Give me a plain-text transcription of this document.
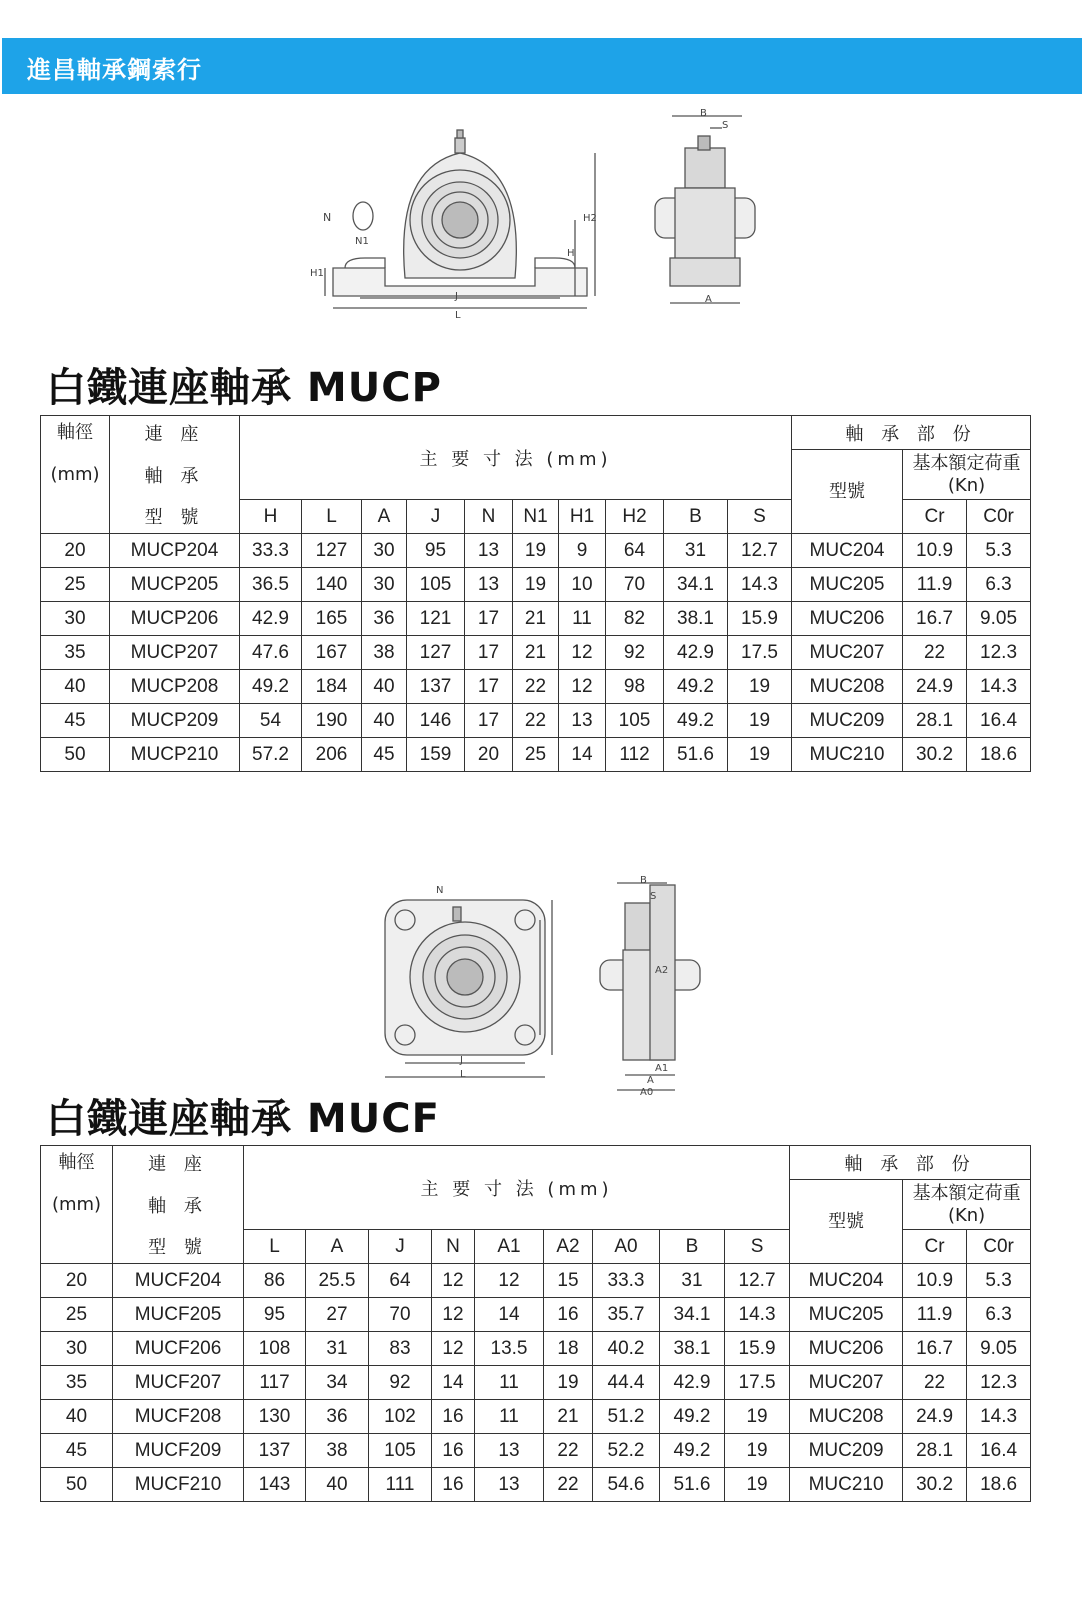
進昌軸承鋼索行
N
N1
H1
H2
H
J
L
B
S
A
白鐵連座軸承 MUCP
軸徑	連 座	主 要 寸 法 (mm)										軸 承 部 份		
(mm)	軸 承											型號	基本額定荷重
(Kn)	

	型 號	H	L	A	J	N	N1	H1	H2	B	S		Cr	C0r
20	MUCP204	33.3	127	30	95	13	19	9	64	31	12.7	MUC204	10.9	5.3
25	MUCP205	36.5	140	30	105	13	19	10	70	34.1	14.3	MUC205	11.9	6.3
30	MUCP206	42.9	165	36	121	17	21	11	82	38.1	15.9	MUC206	16.7	9.05
35	MUCP207	47.6	167	38	127	17	21	12	92	42.9	17.5	MUC207	22	12.3
40	MUCP208	49.2	184	40	137	17	22	12	98	49.2	19	MUC208	24.9	14.3
45	MUCP209	54	190	40	146	17	22	13	105	49.2	19	MUC209	28.1	16.4
50	MUCP210	57.2	206	45	159	20	25	14	112	51.6	19	MUC210	30.2	18.6
N
J
L
B
S
A2
A1
A
A0
白鐵連座軸承 MUCF
軸徑	連 座	主 要 寸 法 (mm)									軸 承 部 份		
(mm)	軸 承										型號	基本額定荷重
(Kn)	

	型 號	L	A	J	N	A1	A2	A0	B	S		Cr	C0r
20	MUCF204	86	25.5	64	12	12	15	33.3	31	12.7	MUC204	10.9	5.3
25	MUCF205	95	27	70	12	14	16	35.7	34.1	14.3	MUC205	11.9	6.3
30	MUCF206	108	31	83	12	13.5	18	40.2	38.1	15.9	MUC206	16.7	9.05
35	MUCF207	117	34	92	14	11	19	44.4	42.9	17.5	MUC207	22	12.3
40	MUCF208	130	36	102	16	11	21	51.2	49.2	19	MUC208	24.9	14.3
45	MUCF209	137	38	105	16	13	22	52.2	49.2	19	MUC209	28.1	16.4
50	MUCF210	143	40	111	16	13	22	54.6	51.6	19	MUC210	30.2	18.6
